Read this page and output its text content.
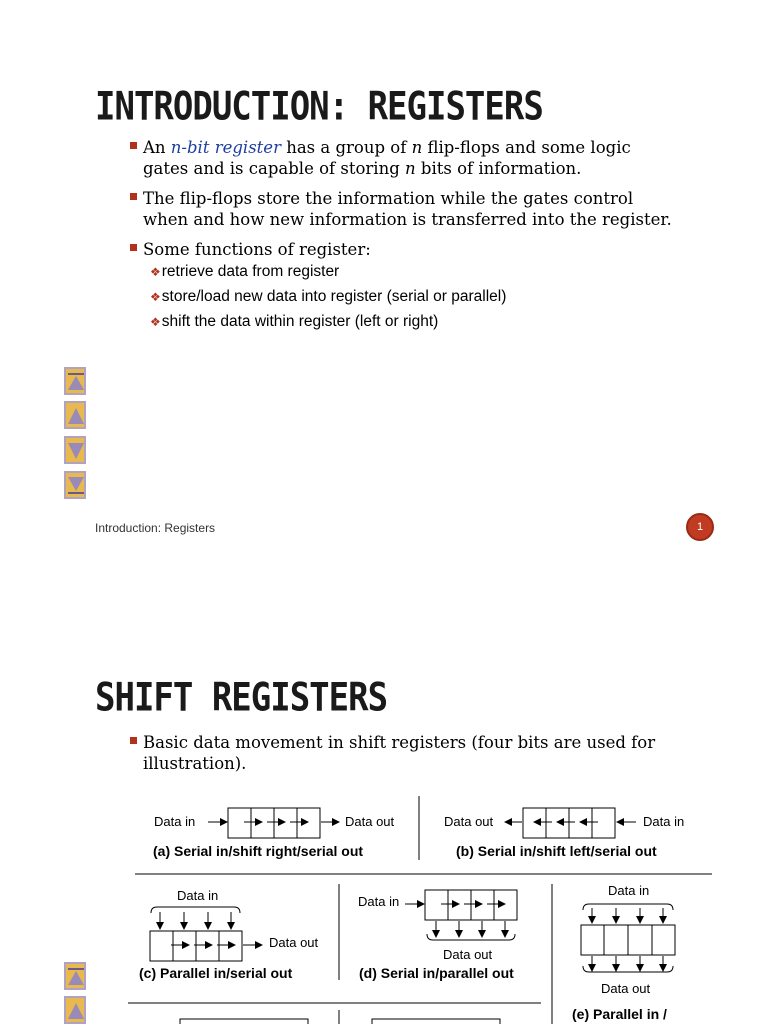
INTRODUCTION: REGISTERS
An n-bit register has a group of n flip-flops and some logic
gates and is capable of storing n bits of information.
The flip-flops store the information while the gates control
when and how new information is transferred into the register.
Some functions of register:
❖retrieve data from register
❖store/load new data into register (serial or parallel)
❖shift the data within register (left or right)
Introduction: Registers	1
SHIFT REGISTERS
Basic data movement in shift registers (four bits are used for
illustration).
Data in	Data out
(a) Serial in/shift right/serial out
Data out	Data in
(b) Serial in/shift left/serial out
Data in
Data out
(c) Parallel in/serial out
Data in
Data out
(d) Serial in/parallel out
Data in
Data out
(e) Parallel in /
